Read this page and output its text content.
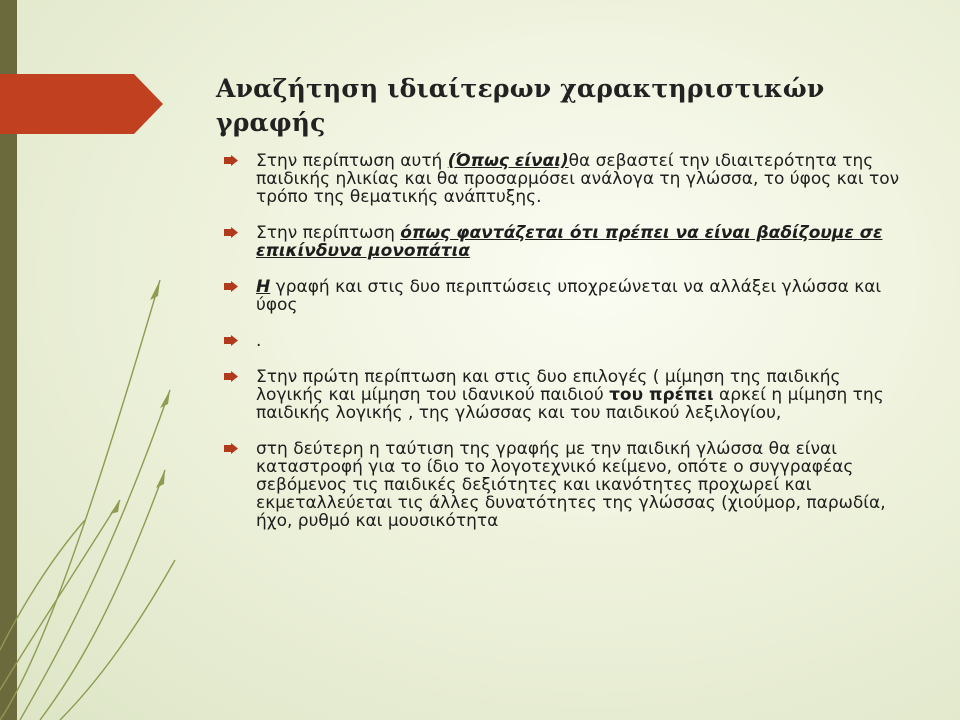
Αναζήτηση ιδιαίτερων χαρακτηριστικών γραφής
Στην περίπτωση αυτή (Όπως είναι)θα σεβαστεί την ιδιαιτερότητα της παιδικής ηλικίας και θα προσαρμόσει ανάλογα τη γλώσσα, το ύφος και τον τρόπο της θεματικής ανάπτυξης.
Στην περίπτωση όπως φαντάζεται ότι πρέπει να είναι βαδίζουμε σε επικίνδυνα μονοπάτια
Η γραφή και στις δυο περιπτώσεις υποχρεώνεται να αλλάξει γλώσσα και ύφος
.
Στην πρώτη περίπτωση και στις δυο επιλογές ( μίμηση της παιδικής λογικής και μίμηση του ιδανικού παιδιού του πρέπει αρκεί η μίμηση της παιδικής λογικής , της γλώσσας και του παιδικού λεξιλογίου,
στη δεύτερη η ταύτιση της γραφής με την παιδική γλώσσα θα είναι καταστροφή για το ίδιο το λογοτεχνικό κείμενο, οπότε ο συγγραφέας σεβόμενος τις παιδικές δεξιότητες και ικανότητες προχωρεί και εκμεταλλεύεται τις άλλες δυνατότητες της γλώσσας (χιούμορ, παρωδία, ήχο, ρυθμό και μουσικότητα
